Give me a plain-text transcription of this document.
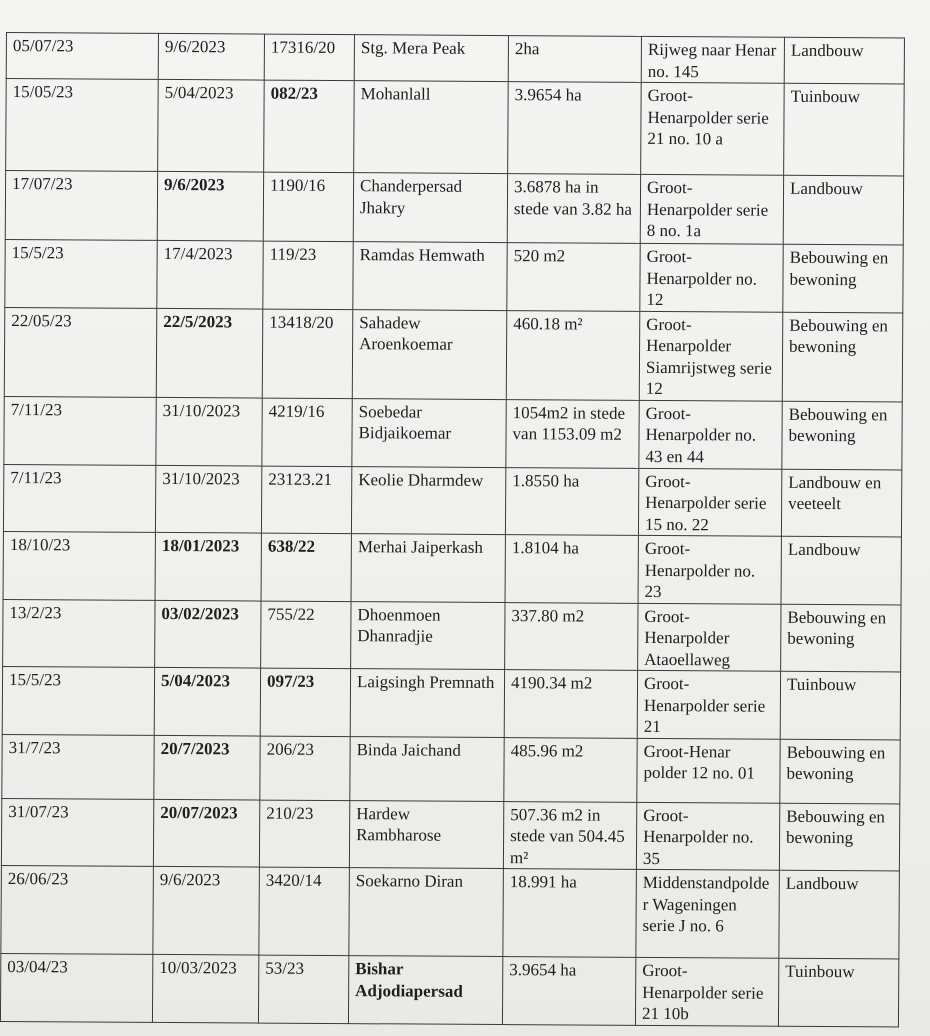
05/07/23	9/6/2023	17316/20	Stg. Mera Peak	2ha	Rijweg naar Henar no. 145	Landbouw
15/05/23	5/04/2023	082/23	Mohanlall	3.9654 ha	Groot-Henarpolder serie 21 no. 10 a	Tuinbouw
17/07/23	9/6/2023	1190/16	Chanderpersad Jhakry	3.6878 ha in stede van 3.82 ha	Groot-Henarpolder serie 8 no. 1a	Landbouw
15/5/23	17/4/2023	119/23	Ramdas Hemwath	520 m2	Groot-Henarpolder no. 12	Bebouwing en bewoning
22/05/23	22/5/2023	13418/20	Sahadew Aroenkoemar	460.18 m²	Groot-Henarpolder Siamrijstweg serie 12	Bebouwing en bewoning
7/11/23	31/10/2023	4219/16	Soebedar Bidjaikoemar	1054m2 in stede van 1153.09 m2	Groot-Henarpolder no. 43 en 44	Bebouwing en bewoning
7/11/23	31/10/2023	23123.21	Keolie Dharmdew	1.8550 ha	Groot-Henarpolder serie 15 no. 22	Landbouw en veeteelt
18/10/23	18/01/2023	638/22	Merhai Jaiperkash	1.8104 ha	Groot-Henarpolder no. 23	Landbouw
13/2/23	03/02/2023	755/22	Dhoenmoen Dhanradjie	337.80 m2	Groot-Henarpolder Ataoellaweg	Bebouwing en bewoning
15/5/23	5/04/2023	097/23	Laigsingh Premnath	4190.34 m2	Groot-Henarpolder serie 21	Tuinbouw
31/7/23	20/7/2023	206/23	Binda Jaichand	485.96 m2	Groot-Henar polder 12 no. 01	Bebouwing en bewoning
31/07/23	20/07/2023	210/23	Hardew Rambharose	507.36 m2 in stede van 504.45 m²	Groot-Henarpolder no. 35	Bebouwing en bewoning
26/06/23	9/6/2023	3420/14	Soekarno Diran	18.991 ha	Middenstandpolder Wageningen serie J no. 6	Landbouw
03/04/23	10/03/2023	53/23	Bishar Adjodiapersad	3.9654 ha	Groot-Henarpolder serie 21 10b	Tuinbouw
